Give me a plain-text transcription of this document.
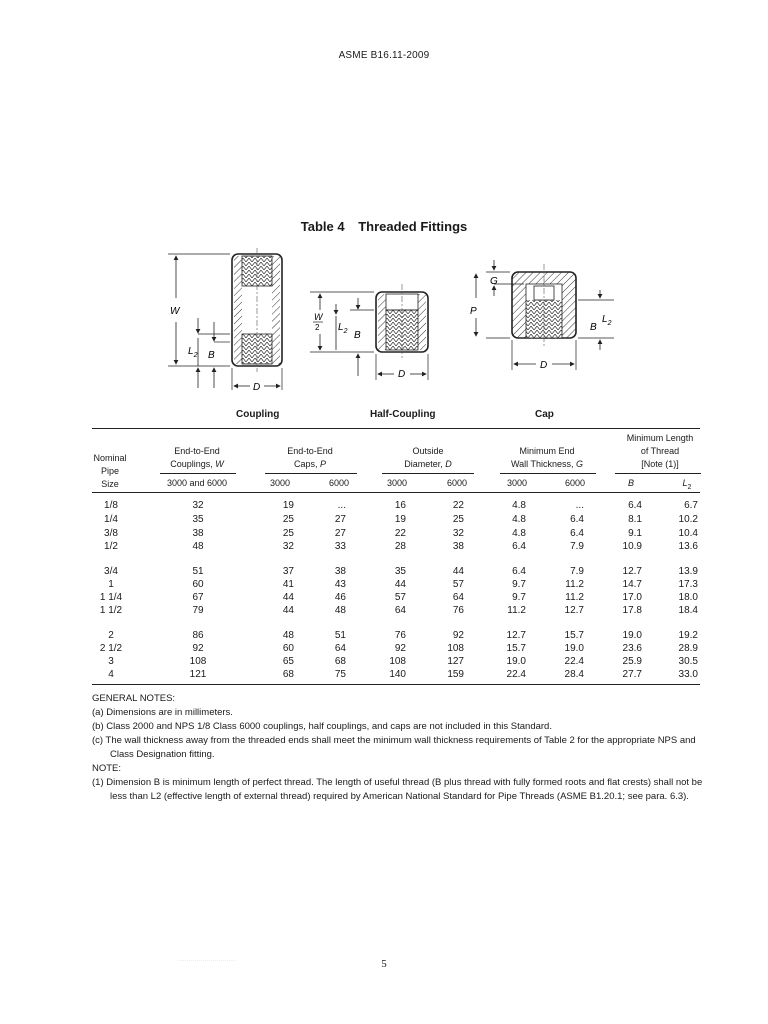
ASME B16.11-2009
Table 4 Threaded Fittings
W
$L_2$ B
D
W
2 $L_2$ B
D
G
P
B
$L_2$
D
Coupling	Half-Coupling	Cap
Nominal
Pipe
Size
End-to-End
Couplings, W
End-to-End
Caps, P
Outside
Diameter, D
Minimum End
Wall Thickness, G
Minimum Length
of Thread
[Note (1)]
3000 and 6000	3000	6000	3000	6000	3000	6000	B	$L_2$
1/8	32	19	...	16	22	4.8	...	6.4	6.7
1/4	35	25	27	19	25	4.8	6.4	8.1	10.2
3/8	38	25	27	22	32	4.8	6.4	9.1	10.4
1/2	48	32	33	28	38	6.4	7.9	10.9	13.6
3/4	51	37	38	35	44	6.4	7.9	12.7	13.9
1	60	41	43	44	57	9.7	11.2	14.7	17.3
1 1/4	67	44	46	57	64	9.7	11.2	17.0	18.0
1 1/2	79	44	48	64	76	11.2	12.7	17.8	18.4
2	86	48	51	76	92	12.7	15.7	19.0	19.2
2 1/2	92	60	64	92	108	15.7	19.0	23.6	28.9
3	108	65	68	108	127	19.0	22.4	25.9	30.5
4	121	68	75	140	159	22.4	28.4	27.7	33.0
GENERAL NOTES:
(a) Dimensions are in millimeters.
(b) Class 2000 and NPS 1/8 Class 6000 couplings, half couplings, and caps are not included in this Standard.
(c) The wall thickness away from the threaded ends shall meet the minimum wall thickness requirements of Table 2 for the appropriate NPS and Class Designation fitting.
NOTE:
(1) Dimension B is minimum length of perfect thread. The length of useful thread (B plus thread with fully formed roots and flat crests) shall not be less than L2 (effective length of external thread) required by American National Standard for Pipe Threads (ASME B1.20.1; see para. 6.3).
· ·····························	5
